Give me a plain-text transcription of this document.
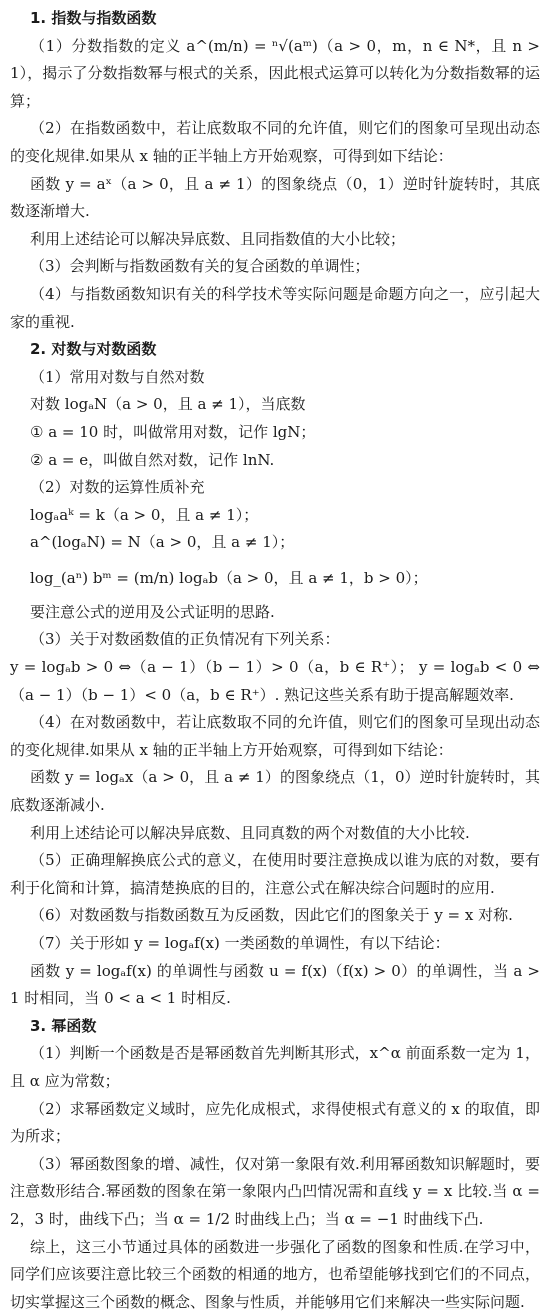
1. 指数与指数函数

（1）分数指数的定义 a^(m/n) = ⁿ√(aᵐ)（a > 0，m，n ∈ N*，且 n > 1），揭示了分数指数幂与根式的关系，因此根式运算可以转化为分数指数幂的运算；

（2）在指数函数中，若让底数取不同的允许值，则它们的图象可呈现出动态的变化规律.如果从 x 轴的正半轴上方开始观察，可得到如下结论：

函数 y = aˣ（a > 0，且 a ≠ 1）的图象绕点（0，1）逆时针旋转时，其底数逐渐增大.

利用上述结论可以解决异底数、且同指数值的大小比较；

（3）会判断与指数函数有关的复合函数的单调性；

（4）与指数函数知识有关的科学技术等实际问题是命题方向之一，应引起大家的重视.

2. 对数与对数函数

（1）常用对数与自然对数

对数 logₐN（a > 0，且 a ≠ 1），当底数

① a = 10 时，叫做常用对数，记作 lgN；

② a = e，叫做自然对数，记作 lnN.

（2）对数的运算性质补充

logₐaᵏ = k（a > 0，且 a ≠ 1）；

a^(logₐN) = N（a > 0，且 a ≠ 1）；

log_(aⁿ) bᵐ = (m/n) logₐb（a > 0，且 a ≠ 1，b > 0）；

要注意公式的逆用及公式证明的思路.

（3）关于对数函数值的正负情况有下列关系：

y = logₐb > 0 ⇔（a − 1）（b − 1）> 0（a，b ∈ R⁺）； y = logₐb < 0 ⇔（a − 1）（b − 1）< 0（a，b ∈ R⁺）. 熟记这些关系有助于提高解题效率.

（4）在对数函数中，若让底数取不同的允许值，则它们的图象可呈现出动态的变化规律.如果从 x 轴的正半轴上方开始观察，可得到如下结论：

函数 y = logₐx（a > 0，且 a ≠ 1）的图象绕点（1，0）逆时针旋转时，其底数逐渐减小.

利用上述结论可以解决异底数、且同真数的两个对数值的大小比较.

（5）正确理解换底公式的意义，在使用时要注意换成以谁为底的对数，要有利于化简和计算，搞清楚换底的目的，注意公式在解决综合问题时的应用.

（6）对数函数与指数函数互为反函数，因此它们的图象关于 y = x 对称.

（7）关于形如 y = logₐf(x) 一类函数的单调性，有以下结论：

函数 y = logₐf(x) 的单调性与函数 u = f(x)（f(x) > 0）的单调性，当 a > 1 时相同，当 0 < a < 1 时相反.

3. 幂函数

（1）判断一个函数是否是幂函数首先判断其形式，x^α 前面系数一定为 1，且 α 应为常数；

（2）求幂函数定义域时，应先化成根式，求得使根式有意义的 x 的取值，即为所求；

（3）幂函数图象的增、减性，仅对第一象限有效.利用幂函数知识解题时，要注意数形结合.幂函数的图象在第一象限内凸凹情况需和直线 y = x 比较.当 α = 2，3 时，曲线下凸；当 α = 1/2 时曲线上凸；当 α = −1 时曲线下凸.

综上，这三小节通过具体的函数进一步强化了函数的图象和性质.在学习中，同学们应该要注意比较三个函数的相通的地方，也希望能够找到它们的不同点，切实掌握这三个函数的概念、图象与性质，并能够用它们来解决一些实际问题.
